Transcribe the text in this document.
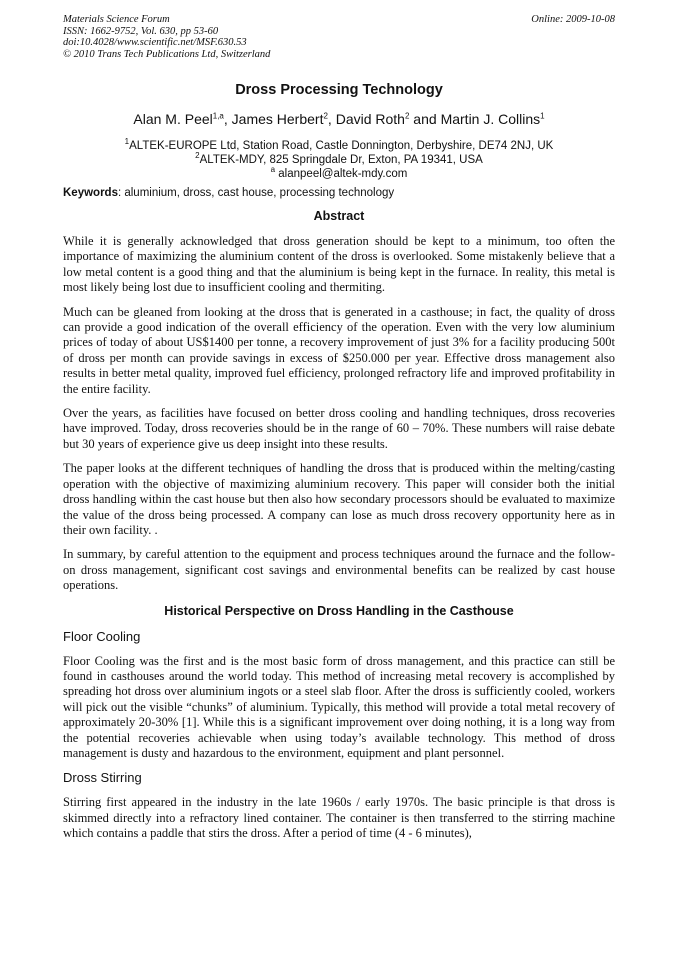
Materials Science Forum
ISSN: 1662-9752, Vol. 630, pp 53-60
doi:10.4028/www.scientific.net/MSF.630.53
© 2010 Trans Tech Publications Ltd, Switzerland
Online: 2009-10-08
Dross Processing Technology
Alan M. Peel$^{1,a}$, James Herbert$^2$, David Roth$^2$ and Martin J. Collins$^1$
$^1$ALTEK-EUROPE Ltd, Station Road, Castle Donnington, Derbyshire, DE74 2NJ, UK
$^2$ALTEK-MDY, 825 Springdale Dr, Exton, PA 19341, USA
$^a$ alanpeel@altek-mdy.com
Keywords: aluminium, dross, cast house, processing technology
Abstract

While it is generally acknowledged that dross generation should be kept to a minimum, too often the importance of maximizing the aluminium content of the dross is overlooked. Some mistakenly believe that a low metal content is a good thing and that the aluminium is being kept in the furnace. In reality, this metal is most likely being lost due to insufficient cooling and thermiting.

Much can be gleaned from looking at the dross that is generated in a casthouse; in fact, the quality of dross can provide a good indication of the overall efficiency of the operation. Even with the very low aluminium prices of today of about US$1400 per tonne, a recovery improvement of just 3% for a facility producing 500t of dross per month can provide savings in excess of $250.000 per year. Effective dross management also results in better metal quality, improved fuel efficiency, prolonged refractory life and improved profitability in the entire facility.

Over the years, as facilities have focused on better dross cooling and handling techniques, dross recoveries have improved. Today, dross recoveries should be in the range of 60 – 70%. These numbers will raise debate but 30 years of experience give us deep insight into these results.

The paper looks at the different techniques of handling the dross that is produced within the melting/casting operation with the objective of maximizing aluminium recovery. This paper will consider both the initial dross handling within the cast house but then also how secondary processors should be evaluated to maximize the value of the dross being processed. A company can lose as much dross recovery opportunity here as in their own facility. .

In summary, by careful attention to the equipment and process techniques around the furnace and the follow-on dross management, significant cost savings and environmental benefits can be realized by cast house operations.

Historical Perspective on Dross Handling in the Casthouse
Floor Cooling

Floor Cooling was the first and is the most basic form of dross management, and this practice can still be found in casthouses around the world today. This method of increasing metal recovery is accomplished by spreading hot dross over aluminium ingots or a steel slab floor. After the dross is sufficiently cooled, workers will pick out the visible “chunks” of aluminium. Typically, this method will provide a total metal recovery of approximately 20-30% [1]. While this is a significant improvement over doing nothing, it is a long way from the potential recoveries achievable when using today’s available technology. This method of dross management is dusty and hazardous to the environment, equipment and plant personnel.

Dross Stirring

Stirring first appeared in the industry in the late 1960s / early 1970s. The basic principle is that dross is skimmed directly into a refractory lined container. The container is then transferred to the stirring machine which contains a paddle that stirs the dross. After a period of time (4 - 6 minutes),
